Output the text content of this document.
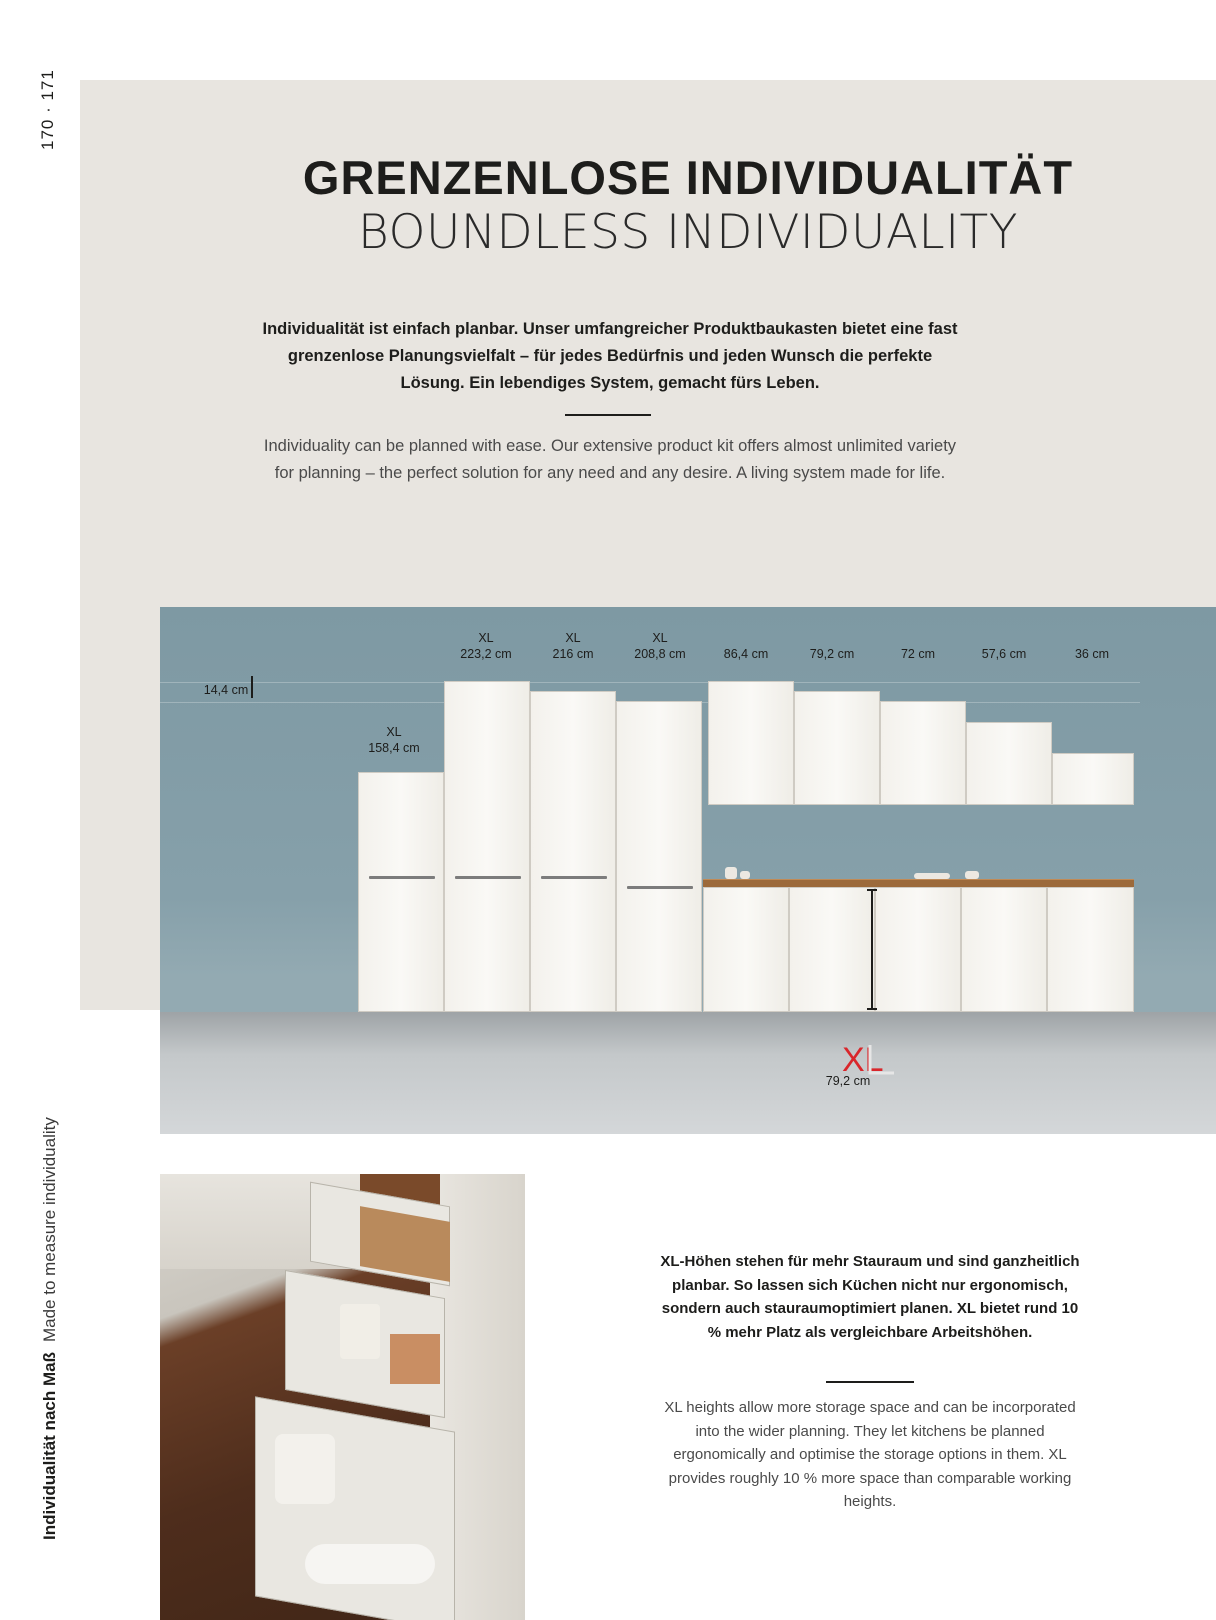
170 · 171
Individualität nach MaßMade to measure individuality
GRENZENLOSE INDIVIDUALITÄT
BOUNDLESS INDIVIDUALITY
Individualität ist einfach planbar. Unser umfangreicher Produktbaukasten bietet eine fast grenzenlose Planungsvielfalt – für jedes Bedürfnis und jeden Wunsch die perfekte Lösung. Ein lebendiges System, gemacht fürs Leben.
Individuality can be planned with ease. Our extensive product kit offers almost unlimited variety for planning – the perfect solution for any need and any desire. A living system made for life.
XL
223,2 cm
XL
216 cm
XL
208,8 cm	86,4 cm	79,2 cm	72 cm	57,6 cm	36 cm
XL
158,4 cm
14,4 cm
XL
79,2 cm
XL-Höhen stehen für mehr Stauraum und sind ganzheitlich planbar. So lassen sich Küchen nicht nur ergonomisch, sondern auch stauraumoptimiert planen. XL bietet rund 10 % mehr Platz als vergleichbare Arbeitshöhen.
XL heights allow more storage space and can be incorporated into the wider planning. They let kitchens be planned ergonomically and optimise the storage options in them. XL provides roughly 10 % more space than comparable working heights.
